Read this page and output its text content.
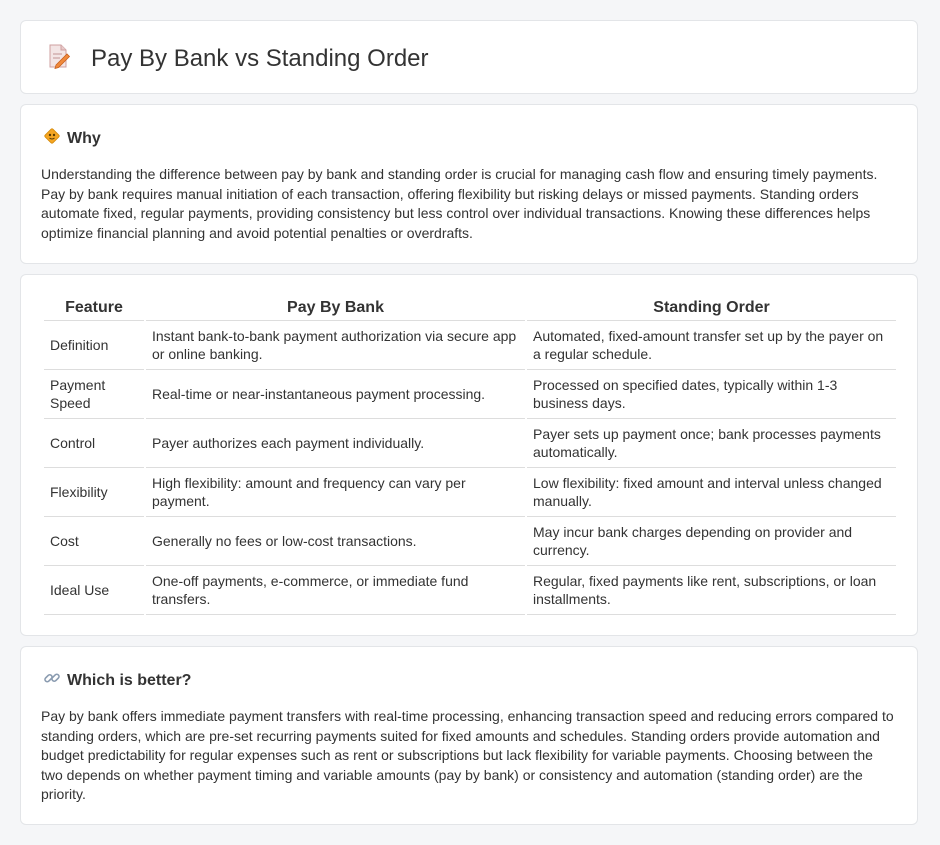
Pay By Bank vs Standing Order
Why

Understanding the difference between pay by bank and standing order is crucial for managing cash flow and ensuring timely payments. Pay by bank requires manual initiation of each transaction, offering flexibility but risking delays or missed payments. Standing orders automate fixed, regular payments, providing consistency but less control over individual transactions. Knowing these differences helps optimize financial planning and avoid potential penalties or overdrafts.

Feature	Pay By Bank	Standing Order
Definition	Instant bank-to-bank payment authorization via secure app or online banking.	Automated, fixed-amount transfer set up by the payer on a regular schedule.
Payment Speed	Real-time or near-instantaneous payment processing.	Processed on specified dates, typically within 1-3 business days.
Control	Payer authorizes each payment individually.	Payer sets up payment once; bank processes payments automatically.
Flexibility	High flexibility: amount and frequency can vary per payment.	Low flexibility: fixed amount and interval unless changed manually.
Cost	Generally no fees or low-cost transactions.	May incur bank charges depending on provider and currency.
Ideal Use	One-off payments, e-commerce, or immediate fund transfers.	Regular, fixed payments like rent, subscriptions, or loan installments.
Which is better?

Pay by bank offers immediate payment transfers with real-time processing, enhancing transaction speed and reducing errors compared to standing orders, which are pre-set recurring payments suited for fixed amounts and schedules. Standing orders provide automation and budget predictability for regular expenses such as rent or subscriptions but lack flexibility for variable payments. Choosing between the two depends on whether payment timing and variable amounts (pay by bank) or consistency and automation (standing order) are the priority.
